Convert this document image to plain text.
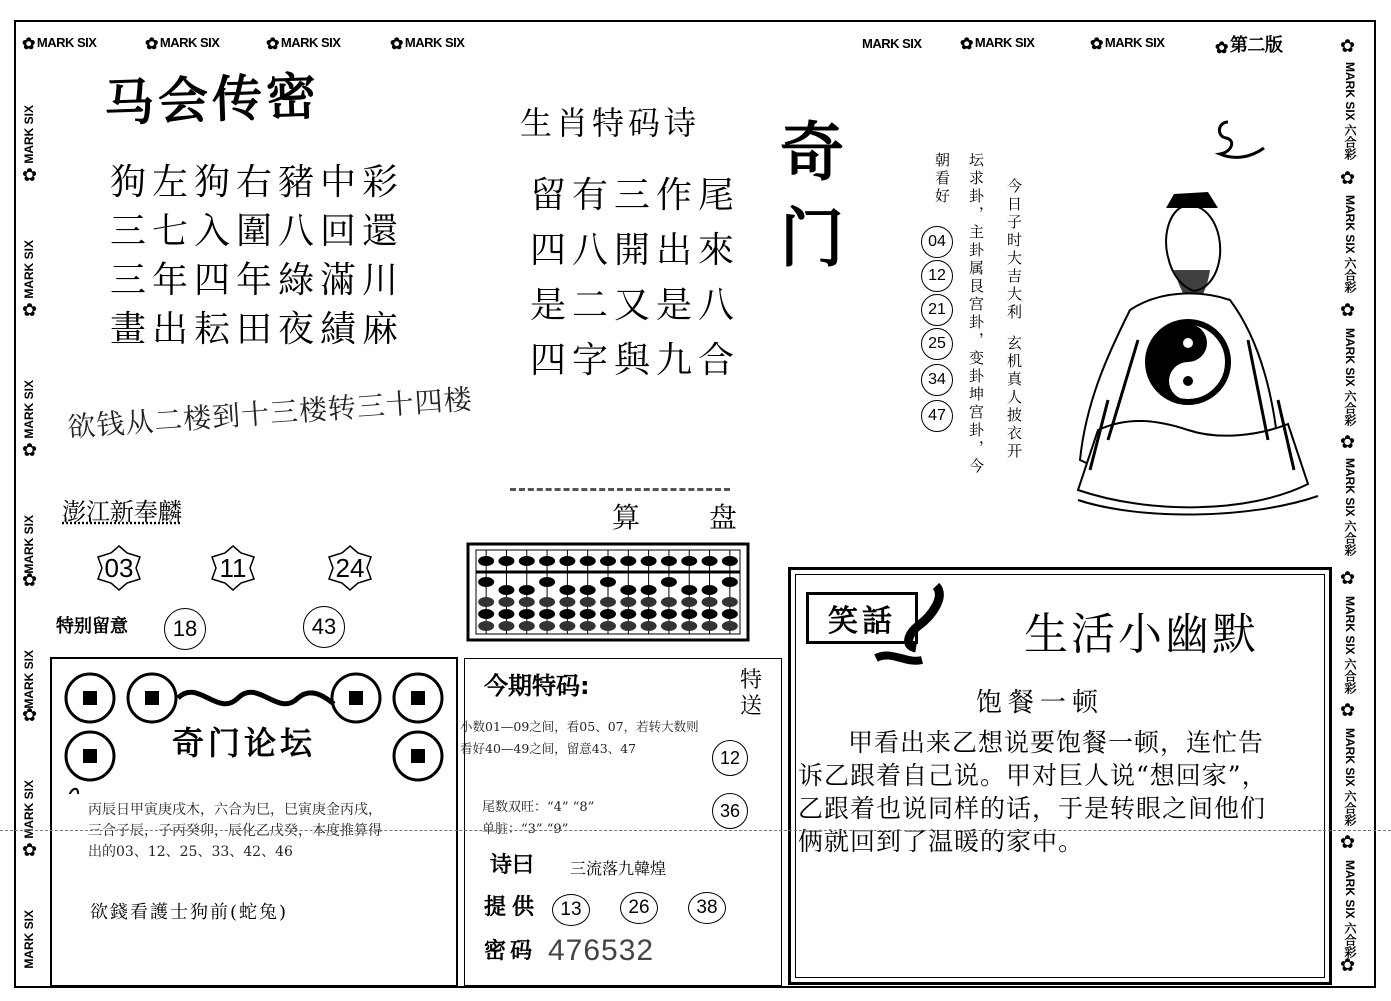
✿ MARK SIX	✿ MARK SIX	✿ MARK SIX	✿ MARK SIX	MARK SIX ✿ MARK SIX	✿ MARK SIX	✿ 第二版
MARK SIX
✿
MARK SIX
✿
MARK SIX
✿
MARK SIX
✿
MARK SIX
✿
MARK SIX
✿
MARK SIX
✿
MARK SIX 六合彩
✿
MARK SIX 六合彩
✿
MARK SIX 六合彩
✿
MARK SIX 六合彩
✿
MARK SIX 六合彩
✿
MARK SIX 六合彩
✿
MARK SIX 六合彩
✿
马会传密
狗左狗右豬中彩
三七入圍八回還
三年四年綠滿川
畫出耘田夜績麻
欲钱从二楼到十三楼转三十四楼
澎江新奉麟
03	11	24
特别留意	18	43
生肖特码诗
留有三作尾
四八開出來
是二又是八
四字與九合
奇门	今日子时大吉大利
玄机真人披衣开
坛求卦，主卦属艮宫卦，变卦坤宫卦，今
朝看好
04
12
21
25
34
47
算 盘
奇门论坛
丙辰日甲寅庚戌木，六合为巳，巳寅庚金丙戌，三合子辰，子丙癸卯，辰化乙戊癸，本度推算得出的03、12、25、33、42、46
欲錢看護士狗前(蛇兔)
今期特码:	特送
小数01—09之间，看05、07，若转大数则看好40—49之间，留意43、47
尾数双旺：“4” “8”
单脏：“3” “9”
12
36
诗曰 三流落九韓煌
提供	13	26	38
密码 476532
笑話	生活小幽默
饱餐一顿
甲看出来乙想说要饱餐一顿，连忙告诉乙跟着自己说。甲对巨人说“想回家”，乙跟着也说同样的话，于是转眼之间他们俩就回到了温暖的家中。
